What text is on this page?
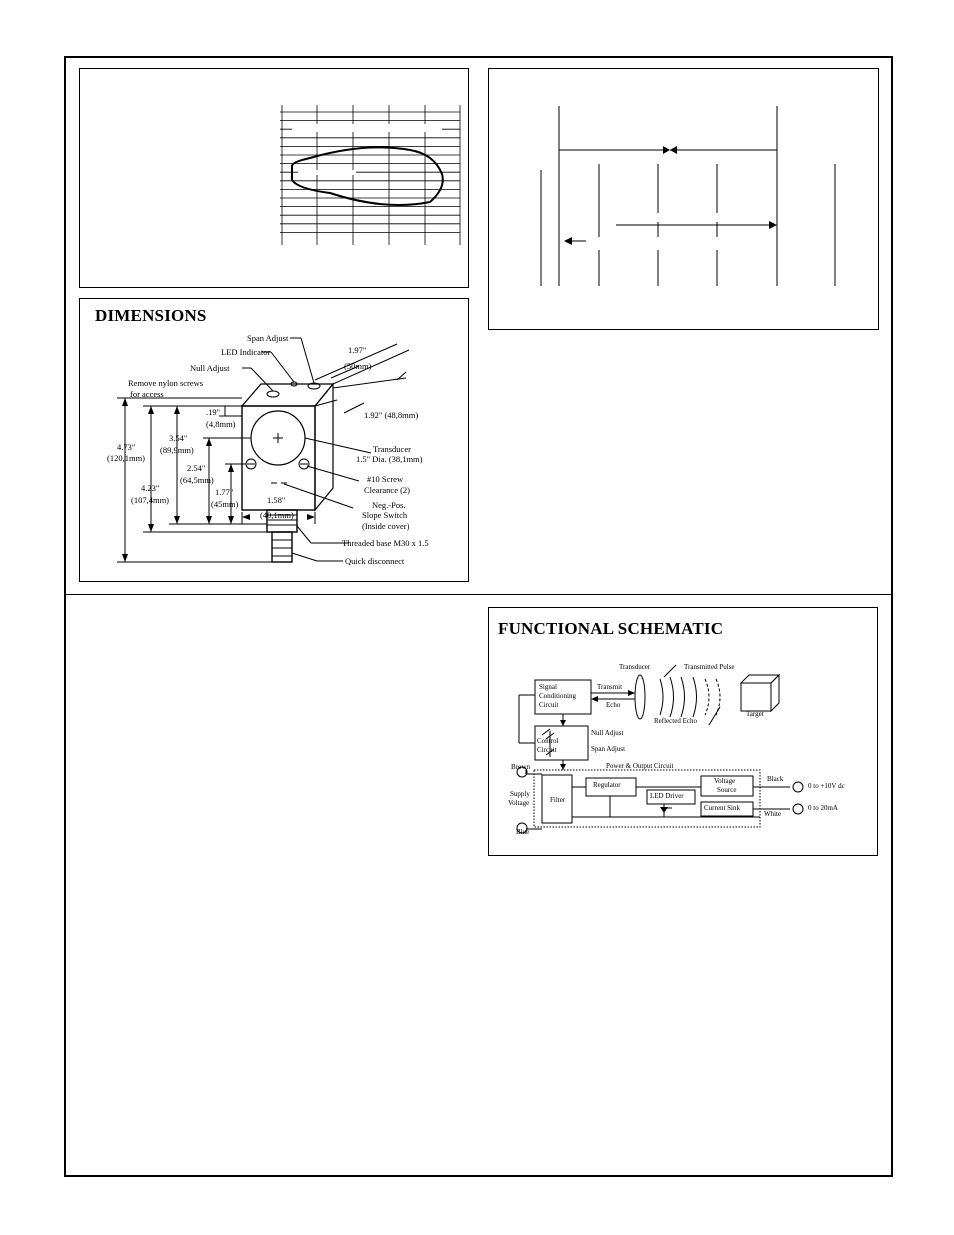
DIMENSIONS
Span Adjust
LED Indicator
Null Adjust
Remove nylon screws
for access
1.97"
(50mm)
.19"
(4,8mm)
1.92" (48,8mm)
3.54"
(89,9mm)	Transducer
1.5" Dia. (38,1mm)
4.73"
(120,1mm)
2.54"
(64,5mm)	#10 Screw
Clearance (2)
4.23"
(107,4mm)
1.77"
(45mm)	1.58"
(40,1mm)
Neg.-Pos.
Slope Switch
(Inside cover)
Threaded base M30 x 1.5
Quick disconnect
FUNCTIONAL SCHEMATIC
Transducer	Transmitted Pulse
Signal
Conditioning
Circuit
Transmit
Echo
Reflected Echo
Target
Null Adjust
Control
Circuit	Span Adjust
Brown	Power & Output Circuit
Black
Voltage
Source
Regulator	0 to +10V dc
Supply
Voltage	Filter	LED Driver
Current Sink	0 to 20mA
White
Blue
